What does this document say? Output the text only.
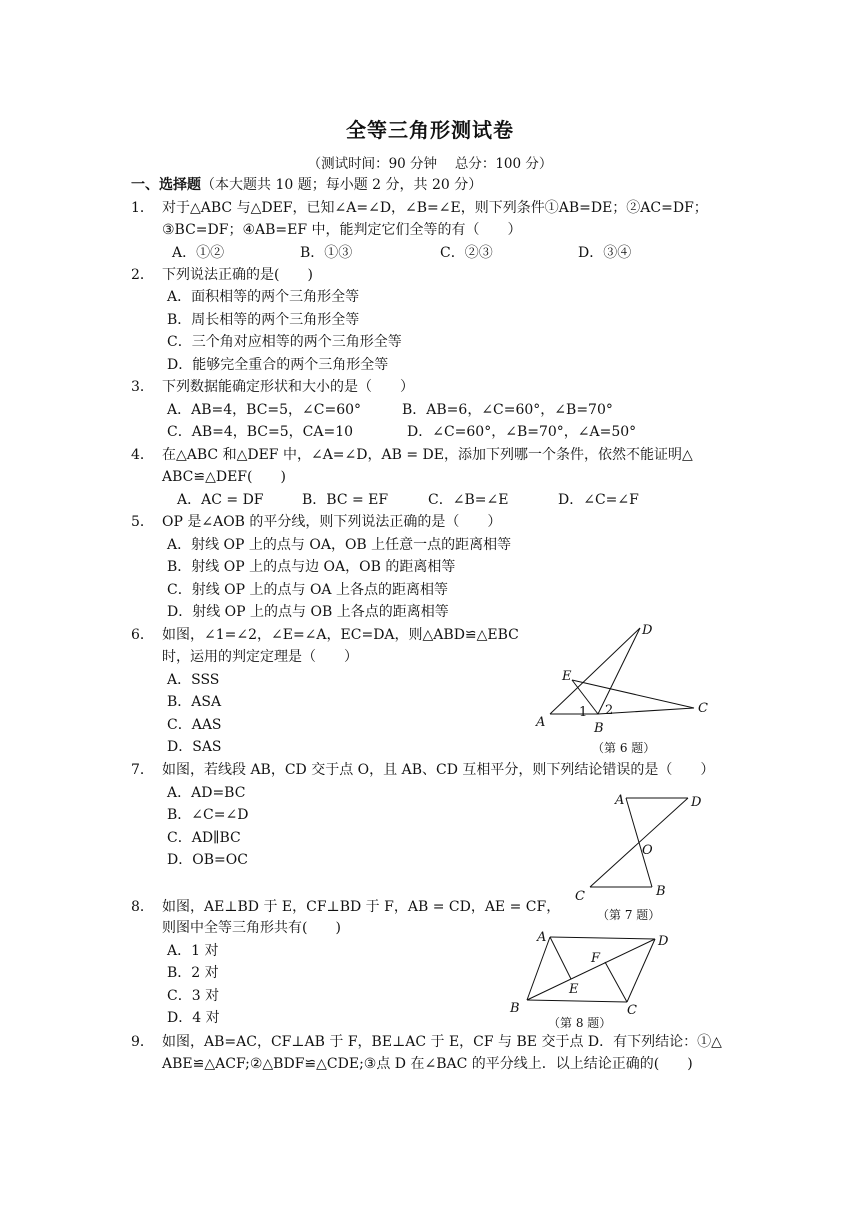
全等三角形测试卷
（测试时间：90 分钟　 总分：100 分）
一、选择题（本大题共 10 题；每小题 2 分，共 20 分）
1． 对于△ABC 与△DEF，已知∠A=∠D，∠B=∠E，则下列条件①AB=DE；②AC=DF；
③BC=DF；④AB=EF 中，能判定它们全等的有（　　）
A．①②	B．①③	C．②③	D．③④
2． 下列说法正确的是(　　)
A．面积相等的两个三角形全等
B．周长相等的两个三角形全等
C．三个角对应相等的两个三角形全等
D．能够完全重合的两个三角形全等
3． 下列数据能确定形状和大小的是（　　）
A．AB=4，BC=5，∠C=60°	B．AB=6，∠C=60°，∠B=70°
C．AB=4，BC=5，CA=10	D．∠C=60°，∠B=70°，∠A=50°
4． 在△ABC 和△DEF 中，∠A=∠D，AB = DE，添加下列哪一个条件，依然不能证明△
ABC≌△DEF(　　)
A．AC = DF	B．BC = EF	C．∠B=∠E	D．∠C=∠F
5． OP 是∠AOB 的平分线，则下列说法正确的是（　　）
A．射线 OP 上的点与 OA，OB 上任意一点的距离相等
B．射线 OP 上的点与边 OA，OB 的距离相等
C．射线 OP 上的点与 OA 上各点的距离相等
D．射线 OP 上的点与 OB 上各点的距离相等
6． 如图，∠1=∠2，∠E=∠A，EC=DA，则△ABD≌△EBC
时，运用的判定定理是（　　）
A．SSS
B．ASA
C．AAS
D．SAS
D
E
C
A	B
1 2
（第 6 题）
7． 如图，若线段 AB，CD 交于点 O，且 AB、CD 互相平分，则下列结论错误的是（　　）
A．AD=BC
B．∠C=∠D
C．AD∥BC
D．OB=OC
A	D
O
C	B
（第 7 题）
8． 如图，AE⊥BD 于 E，CF⊥BD 于 F，AB = CD，AE = CF，
则图中全等三角形共有(　　)
A．1 对
B．2 对
C．3 对
D．4 对
A	D
F
E
B	C
（第 8 题）
9． 如图，AB=AC，CF⊥AB 于 F，BE⊥AC 于 E，CF 与 BE 交于点 D．有下列结论：①△
ABE≌△ACF;②△BDF≌△CDE;③点 D 在∠BAC 的平分线上．以上结论正确的(　　)
